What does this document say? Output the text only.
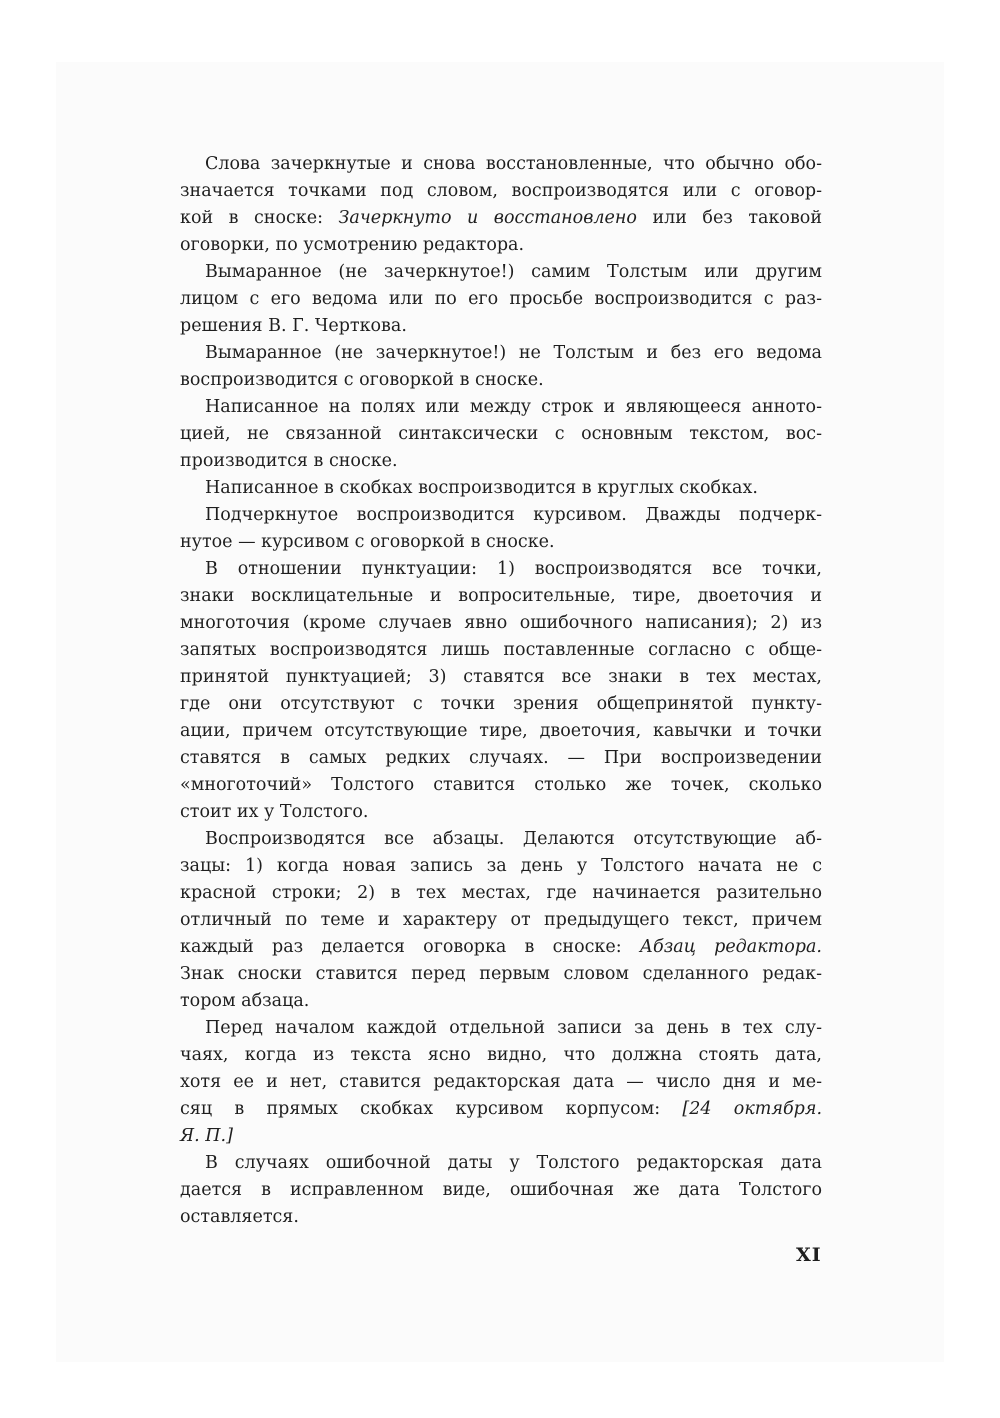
Слова зачеркнутые и снова восстановленные, что обычно обо-
значается точками под словом, воспроизводятся или с оговор-
кой в сноске: Зачеркнуто и восстановлено или без таковой
оговорки, по усмотрению редактора.
Вымаранное (не зачеркнутое!) самим Толстым или другим
лицом с его ведома или по его просьбе воспроизводится с раз-
решения В. Г. Черткова.
Вымаранное (не зачеркнутое!) не Толстым и без его ведома
воспроизводится с оговоркой в сноске.
Написанное на полях или между строк и являющееся анното-
цией, не связанной синтаксически с основным текстом, вос-
производится в сноске.
Написанное в скобках воспроизводится в круглых скобках.
Подчеркнутое воспроизводится курсивом. Дважды подчерк-
нутое — курсивом с оговоркой в сноске.
В отношении пунктуации: 1) воспроизводятся все точки,
знаки восклицательные и вопросительные, тире, двоеточия и
многоточия (кроме случаев явно ошибочного написания); 2) из
запятых воспроизводятся лишь поставленные согласно с обще-
принятой пунктуацией; 3) ставятся все знаки в тех местах,
где они отсутствуют с точки зрения общепринятой пункту-
ации, причем отсутствующие тире, двоеточия, кавычки и точки
ставятся в самых редких случаях. — При воспроизведении
«многоточий» Толстого ставится столько же точек, сколько
стоит их у Толстого.
Воспроизводятся все абзацы. Делаются отсутствующие аб-
зацы: 1) когда новая запись за день у Толстого начата не с
красной строки; 2) в тех местах, где начинается разительно
отличный по теме и характеру от предыдущего текст, причем
каждый раз делается оговорка в сноске: Абзац редактора.
Знак сноски ставится перед первым словом сделанного редак-
тором абзаца.
Перед началом каждой отдельной записи за день в тех слу-
чаях, когда из текста ясно видно, что должна стоять дата,
хотя ее и нет, ставится редакторская дата — число дня и ме-
сяц в прямых скобках курсивом корпусом: [24 октября.
Я. П.]
В случаях ошибочной даты у Толстого редакторская дата
дается в исправленном виде, ошибочная же дата Толстого
оставляется.
XI
